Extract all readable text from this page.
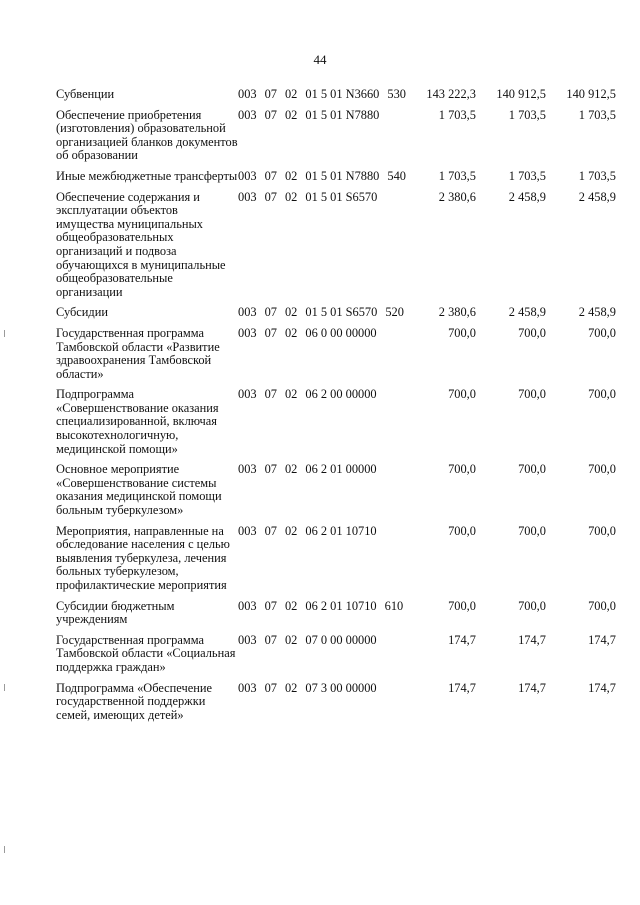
44
Субвенции	003 07 02 01 5 01 N3660 530	143 222,3	140 912,5	140 912,5
Обеспечение приобретения (изготовления) образовательной организацией бланков документов об образовании	003 07 02 01 5 01 N7880	1 703,5	1 703,5	1 703,5
Иные межбюджетные трансферты	003 07 02 01 5 01 N7880 540	1 703,5	1 703,5	1 703,5
Обеспечение содержания и эксплуатации объектов имущества муниципальных общеобразовательных организаций и подвоза обучающихся в муниципальные общеобразовательные организации	003 07 02 01 5 01 S6570	2 380,6	2 458,9	2 458,9
Субсидии	003 07 02 01 5 01 S6570 520	2 380,6	2 458,9	2 458,9
Государственная программа Тамбовской области «Развитие здравоохранения Тамбовской области»	003 07 02 06 0 00 00000	700,0	700,0	700,0
Подпрограмма «Совершенствование оказания специализированной, включая высокотехнологичную, медицинской помощи»	003 07 02 06 2 00 00000	700,0	700,0	700,0
Основное мероприятие «Совершенствование системы оказания медицинской помощи больным туберкулезом»	003 07 02 06 2 01 00000	700,0	700,0	700,0
Мероприятия, направленные на обследование населения с целью выявления туберкулеза, лечения больных туберкулезом, профилактические мероприятия	003 07 02 06 2 01 10710	700,0	700,0	700,0
Субсидии бюджетным учреждениям	003 07 02 06 2 01 10710 610	700,0	700,0	700,0
Государственная программа Тамбовской области «Социальная поддержка граждан»	003 07 02 07 0 00 00000	174,7	174,7	174,7
Подпрограмма «Обеспечение государственной поддержки семей, имеющих детей»	003 07 02 07 3 00 00000	174,7	174,7	174,7
